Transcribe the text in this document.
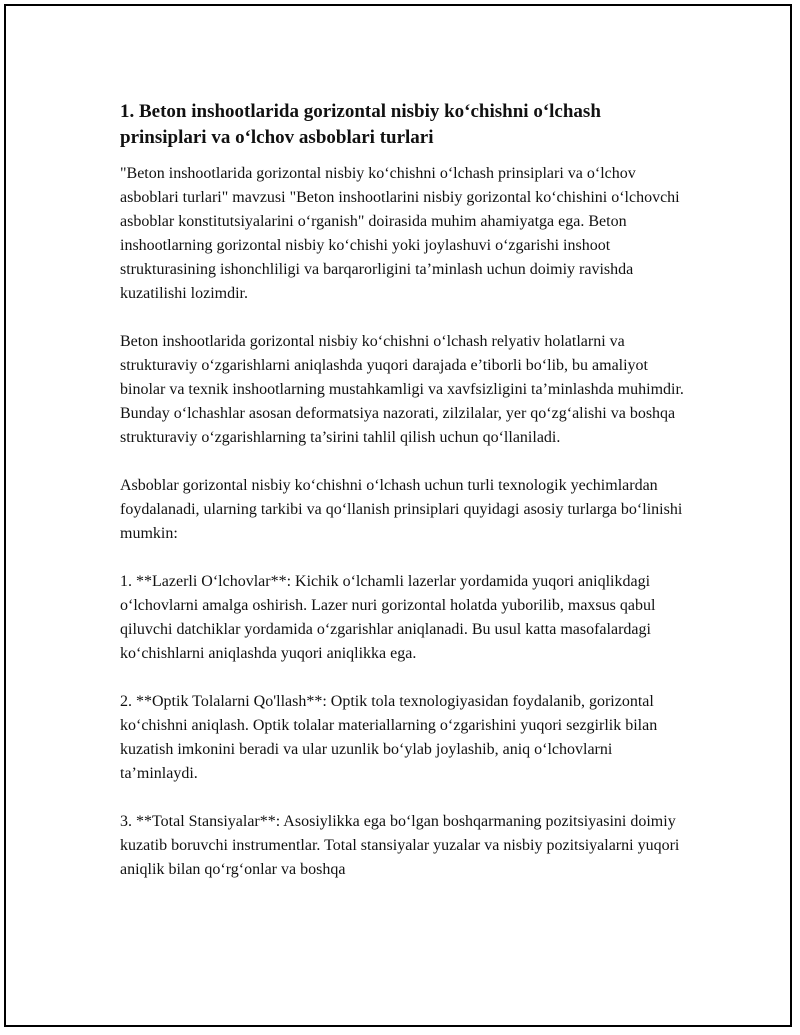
1. Beton inshootlarida gorizontal nisbiy ko‘chishni o‘lchash prinsiplari va o‘lchov asboblari turlari

"Beton inshootlarida gorizontal nisbiy ko‘chishni o‘lchash prinsiplari va o‘lchov asboblari turlari" mavzusi "Beton inshootlarini nisbiy gorizontal ko‘chishini o‘lchovchi asboblar konstitutsiyalarini o‘rganish" doirasida muhim ahamiyatga ega. Beton inshootlarning gorizontal nisbiy ko‘chishi yoki joylashuvi o‘zgarishi inshoot strukturasining ishonchliligi va barqarorligini ta’minlash uchun doimiy ravishda kuzatilishi lozimdir.

Beton inshootlarida gorizontal nisbiy ko‘chishni o‘lchash relyativ holatlarni va strukturaviy o‘zgarishlarni aniqlashda yuqori darajada e’tiborli bo‘lib, bu amaliyot binolar va texnik inshootlarning mustahkamligi va xavfsizligini ta’minlashda muhimdir. Bunday o‘lchashlar asosan deformatsiya nazorati, zilzilalar, yer qo‘zg‘alishi va boshqa strukturaviy o‘zgarishlarning ta’sirini tahlil qilish uchun qo‘llaniladi.

Asboblar gorizontal nisbiy ko‘chishni o‘lchash uchun turli texnologik yechimlardan foydalanadi, ularning tarkibi va qo‘llanish prinsiplari quyidagi asosiy turlarga bo‘linishi mumkin:

1. **Lazerli O‘lchovlar**: Kichik o‘lchamli lazerlar yordamida yuqori aniqlikdagi o‘lchovlarni amalga oshirish. Lazer nuri gorizontal holatda yuborilib, maxsus qabul qiluvchi datchiklar yordamida o‘zgarishlar aniqlanadi. Bu usul katta masofalardagi ko‘chishlarni aniqlashda yuqori aniqlikka ega.

2. **Optik Tolalarni Qo'llash**: Optik tola texnologiyasidan foydalanib, gorizontal ko‘chishni aniqlash. Optik tolalar materiallarning o‘zgarishini yuqori sezgirlik bilan kuzatish imkonini beradi va ular uzunlik bo‘ylab joylashib, aniq o‘lchovlarni ta’minlaydi.

3. **Total Stansiyalar**: Asosiylikka ega bo‘lgan boshqarmaning pozitsiyasini doimiy kuzatib boruvchi instrumentlar. Total stansiyalar yuzalar va nisbiy pozitsiyalarni yuqori aniqlik bilan qo‘rg‘onlar va boshqa
